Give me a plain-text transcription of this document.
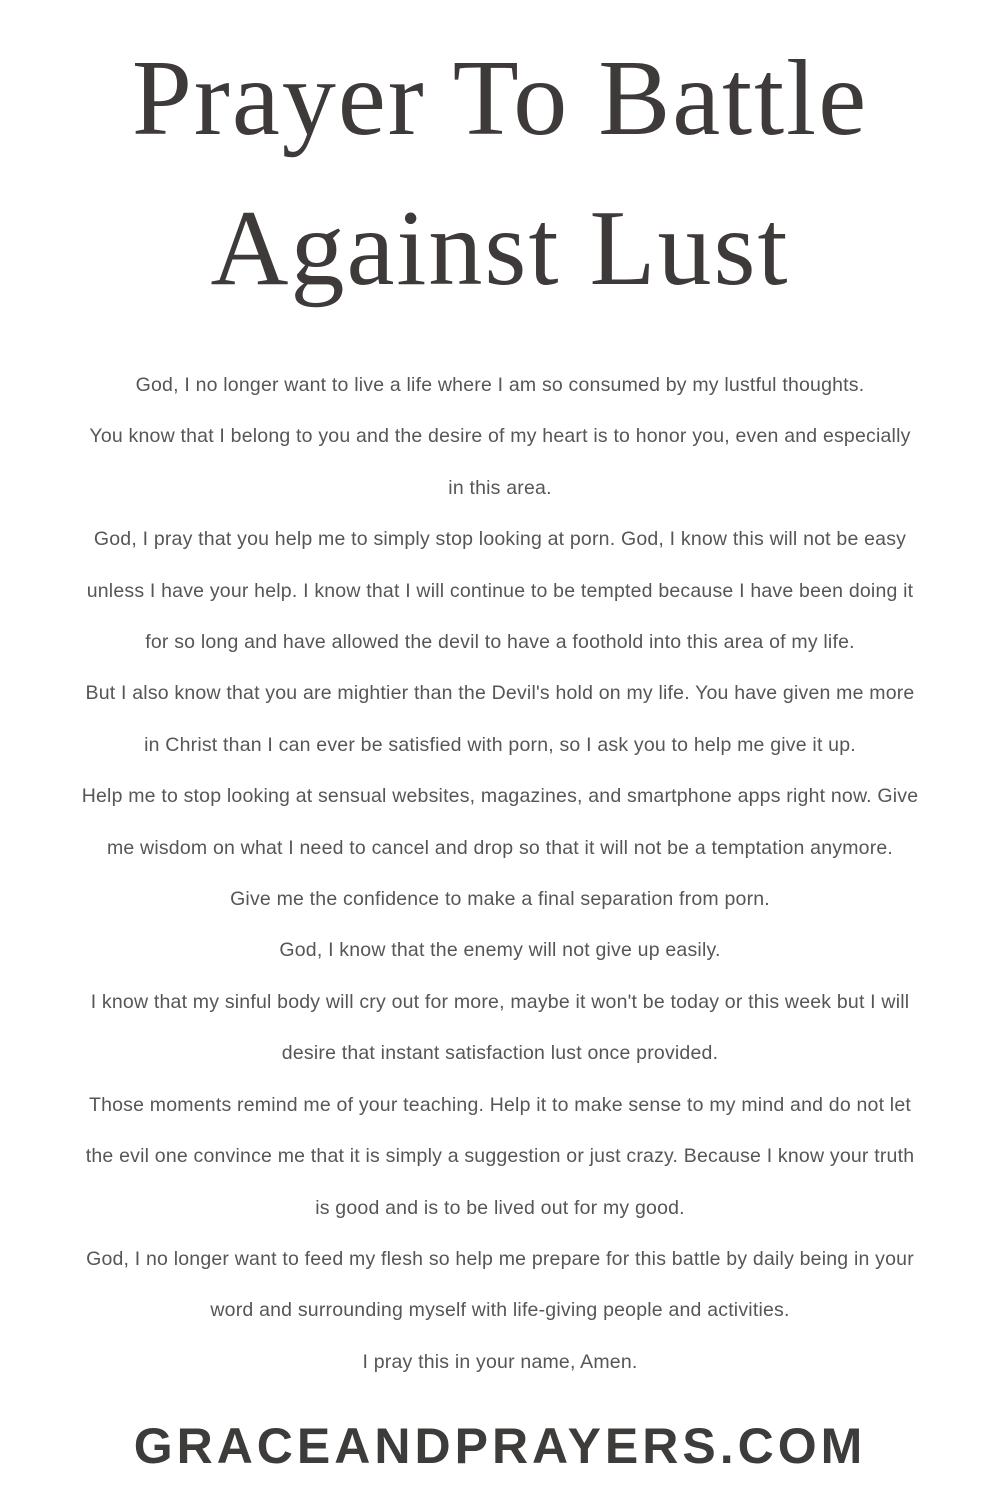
Prayer To Battle
Against Lust
God, I no longer want to live a life where I am so consumed by my lustful thoughts.
You know that I belong to you and the desire of my heart is to honor you, even and especially
in this area.
God, I pray that you help me to simply stop looking at porn. God, I know this will not be easy
unless I have your help. I know that I will continue to be tempted because I have been doing it
for so long and have allowed the devil to have a foothold into this area of my life.
But I also know that you are mightier than the Devil's hold on my life. You have given me more
in Christ than I can ever be satisfied with porn, so I ask you to help me give it up.
Help me to stop looking at sensual websites, magazines, and smartphone apps right now. Give
me wisdom on what I need to cancel and drop so that it will not be a temptation anymore.
Give me the confidence to make a final separation from porn.
God, I know that the enemy will not give up easily.
I know that my sinful body will cry out for more, maybe it won't be today or this week but I will
desire that instant satisfaction lust once provided.
Those moments remind me of your teaching. Help it to make sense to my mind and do not let
the evil one convince me that it is simply a suggestion or just crazy. Because I know your truth
is good and is to be lived out for my good.
God, I no longer want to feed my flesh so help me prepare for this battle by daily being in your
word and surrounding myself with life-giving people and activities.
I pray this in your name, Amen.
GRACEANDPRAYERS.COM
